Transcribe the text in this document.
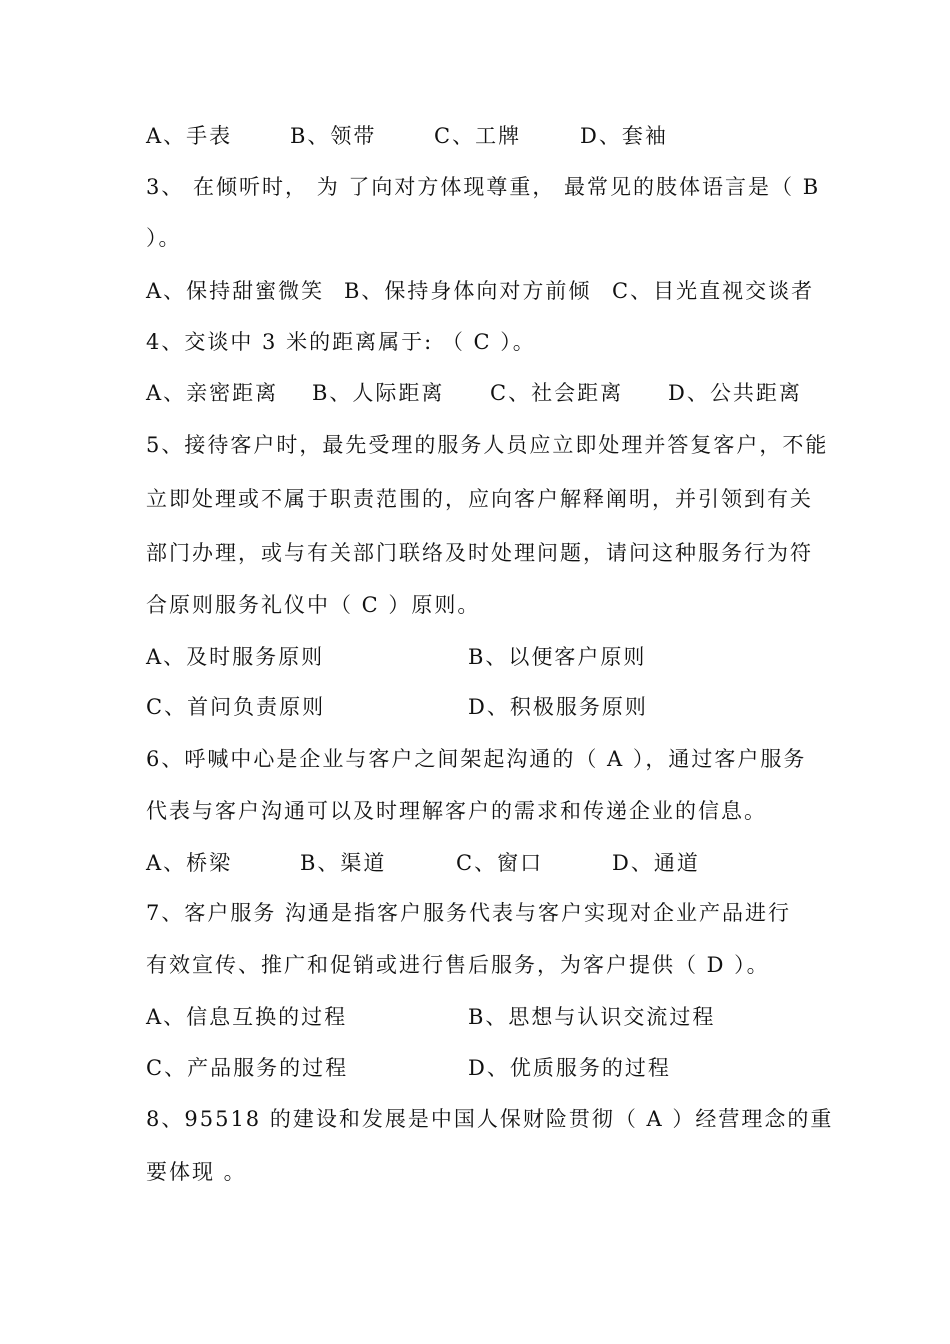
A、手表	B、领带	C、工牌	D、套袖
3、 在倾听时， 为 了向对方体现尊重， 最常见的肢体语言是（ B
）。
A、保持甜蜜微笑 B、保持身体向对方前倾 C、目光直视交谈者
4、交谈中 3 米的距离属于: （ C ）。
A、亲密距离 B、人际距离 C、社会距离 D、公共距离
5、接待客户时，最先受理的服务人员应立即处理并答复客户，不能
立即处理或不属于职责范围的，应向客户解释阐明，并引领到有关
部门办理，或与有关部门联络及时处理问题，请问这种服务行为符
合原则服务礼仪中（ C ）原则。
A、及时服务原则	B、以便客户原则
C、首问负责原则	D、积极服务原则
6、呼喊中心是企业与客户之间架起沟通的（ A ），通过客户服务
代表与客户沟通可以及时理解客户的需求和传递企业的信息。
A、桥梁	B、渠道	C、窗口	D、通道
7、客户服务 沟通是指客户服务代表与客户实现对企业产品进行
有效宣传、推广和促销或进行售后服务，为客户提供（ D ）。
A、信息互换的过程	B、思想与认识交流过程
C、产品服务的过程	D、优质服务的过程
8、95518 的建设和发展是中国人保财险贯彻（ A ）经营理念的重
要体现 。
